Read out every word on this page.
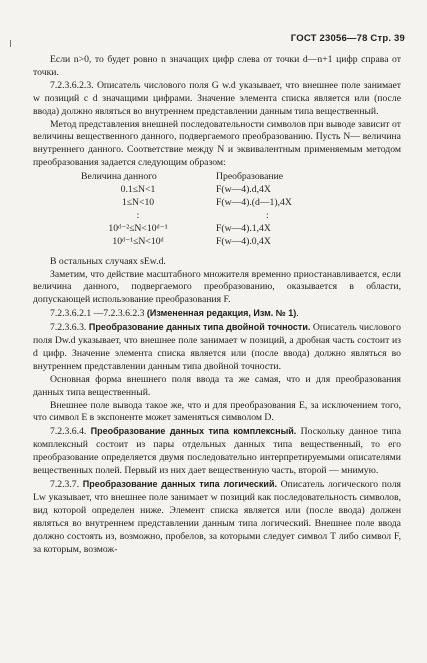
ГОСТ 23056—78 Стр. 39

Если n>0, то будет ровно n значащих цифр слева от точки d—n+1 цифр справа от точки.

7.2.3.6.2.3. Описатель числового поля G w.d указывает, что внешнее поле занимает w позиций с d значащими цифрами. Значение элемента списка является или (после ввода) должно являться во внутреннем представлении данным типа вещественный.

Метод представления внешней последовательности символов при выводе зависит от величины вещественного данного, подвергаемого преобразованию. Пусть N— величина внутреннего данного. Соответствие между N и эквивалентным применяемым методом преобразования задается следующим образом:

Величина данного	Преобразование
0.1≤N<1	F(w—4).d,4X
1≤N<10	F(w—4).(d—1),4X
:	:
10ᵈ⁻²≤N<10ᵈ⁻¹	F(w—4).1,4X
10ᵈ⁻¹≤N<10ᵈ	F(w—4).0,4X

В остальных случаях sEw.d.

Заметим, что действие масштабного множителя временно приостанавливается, если величина данного, подвергаемого преобразованию, оказывается в области, допускающей использование преобразования F.

7.2.3.6.2.1 —7.2.3.6.2.3 (Измененная редакция, Изм. № 1).

7.2.3.6.3. Преобразование данных типа двойной точности. Описатель числового поля Dw.d указывает, что внешнее поле занимает w позиций, а дробная часть состоит из d цифр. Значение элемента списка является или (после ввода) должно являться во внутреннем представлении данным типа двойной точности.

Основная форма внешнего поля ввода та же самая, что и для преобразования данных типа вещественный.

Внешнее поле вывода такое же, что и для преобразования Е, за исключением того, что символ Е в экспоненте может заменяться символом D.

7.2.3.6.4. Преобразование данных типа комплексный. Поскольку данное типа комплексный состоит из пары отдельных данных типа вещественный, то его преобразование определяется двумя последовательно интерпретируемыми описателями вещественных полей. Первый из них дает вещественную часть, второй — мнимую.

7.2.3.7. Преобразование данных типа логический. Описатель логического поля Lw указывает, что внешнее поле занимает w позиций как последовательность символов, вид которой определен ниже. Элемент списка является или (после ввода) должен являться во внутреннем представлении данным типа логический. Внешнее поле ввода должно состоять из, возможно, пробелов, за которыми следует символ Т либо символ F, за которым, возмож-
